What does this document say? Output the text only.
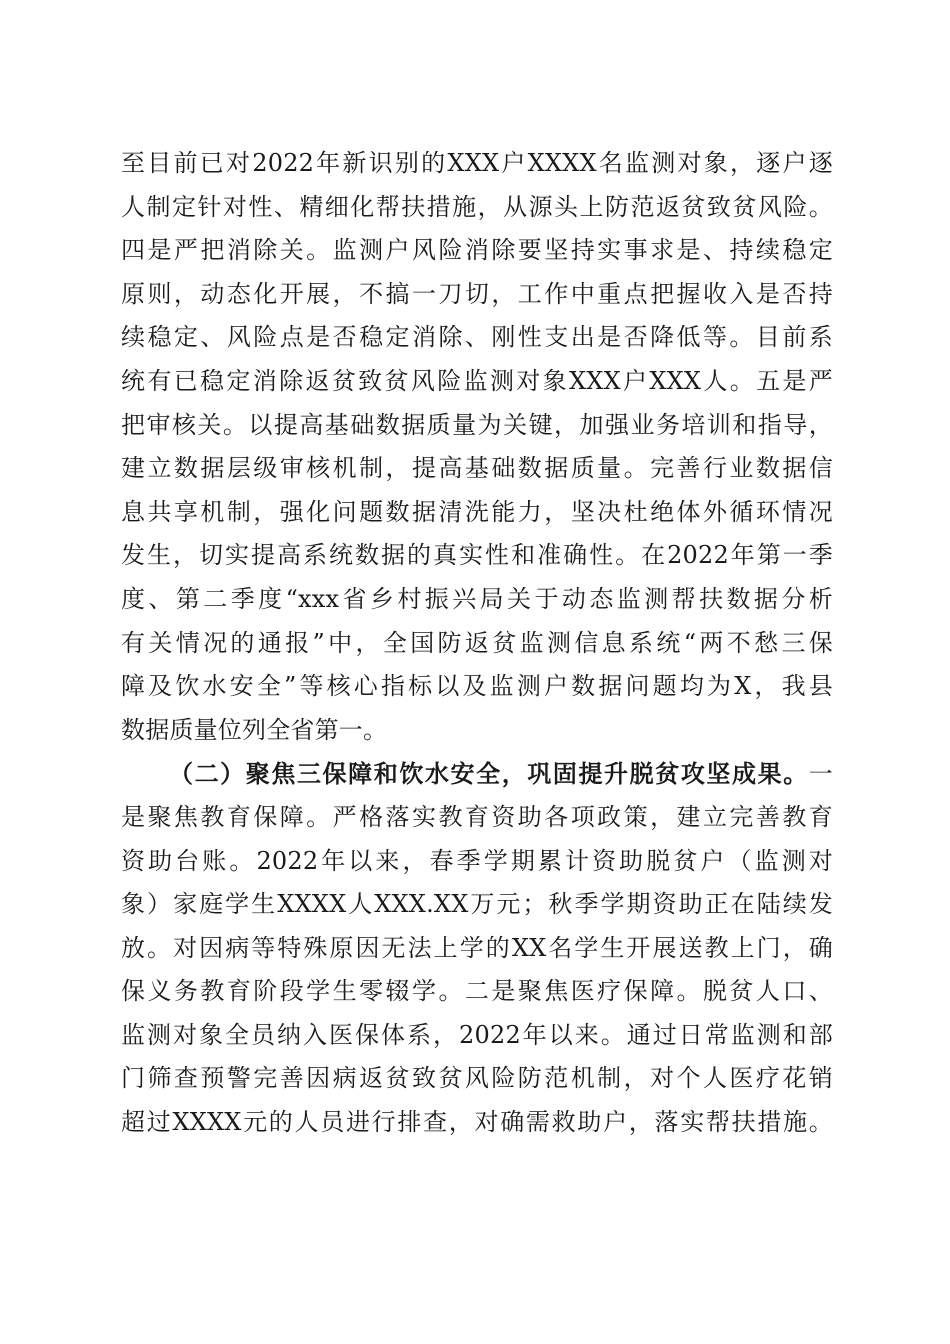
至目前已对2022年新识别的XXX户XXXX名监测对象，逐户逐
人制定针对性、精细化帮扶措施，从源头上防范返贫致贫风险。
四是严把消除关。监测户风险消除要坚持实事求是、持续稳定
原则，动态化开展，不搞一刀切，工作中重点把握收入是否持
续稳定、风险点是否稳定消除、刚性支出是否降低等。目前系
统有已稳定消除返贫致贫风险监测对象XXX户XXX人。五是严
把审核关。以提高基础数据质量为关键，加强业务培训和指导，
建立数据层级审核机制，提高基础数据质量。完善行业数据信
息共享机制，强化问题数据清洗能力，坚决杜绝体外循环情况
发生，切实提高系统数据的真实性和准确性。在2022年第一季
度、第二季度“xxx省乡村振兴局关于动态监测帮扶数据分析
有关情况的通报”中，全国防返贫监测信息系统“两不愁三保
障及饮水安全”等核心指标以及监测户数据问题均为X，我县
数据质量位列全省第一。
（二）聚焦三保障和饮水安全，巩固提升脱贫攻坚成果。一
是聚焦教育保障。严格落实教育资助各项政策，建立完善教育
资助台账。2022年以来，春季学期累计资助脱贫户（监测对
象）家庭学生XXXX人XXX.XX万元；秋季学期资助正在陆续发
放。对因病等特殊原因无法上学的XX名学生开展送教上门，确
保义务教育阶段学生零辍学。二是聚焦医疗保障。脱贫人口、
监测对象全员纳入医保体系，2022年以来。通过日常监测和部
门筛查预警完善因病返贫致贫风险防范机制，对个人医疗花销
超过XXXX元的人员进行排查，对确需救助户，落实帮扶措施。
